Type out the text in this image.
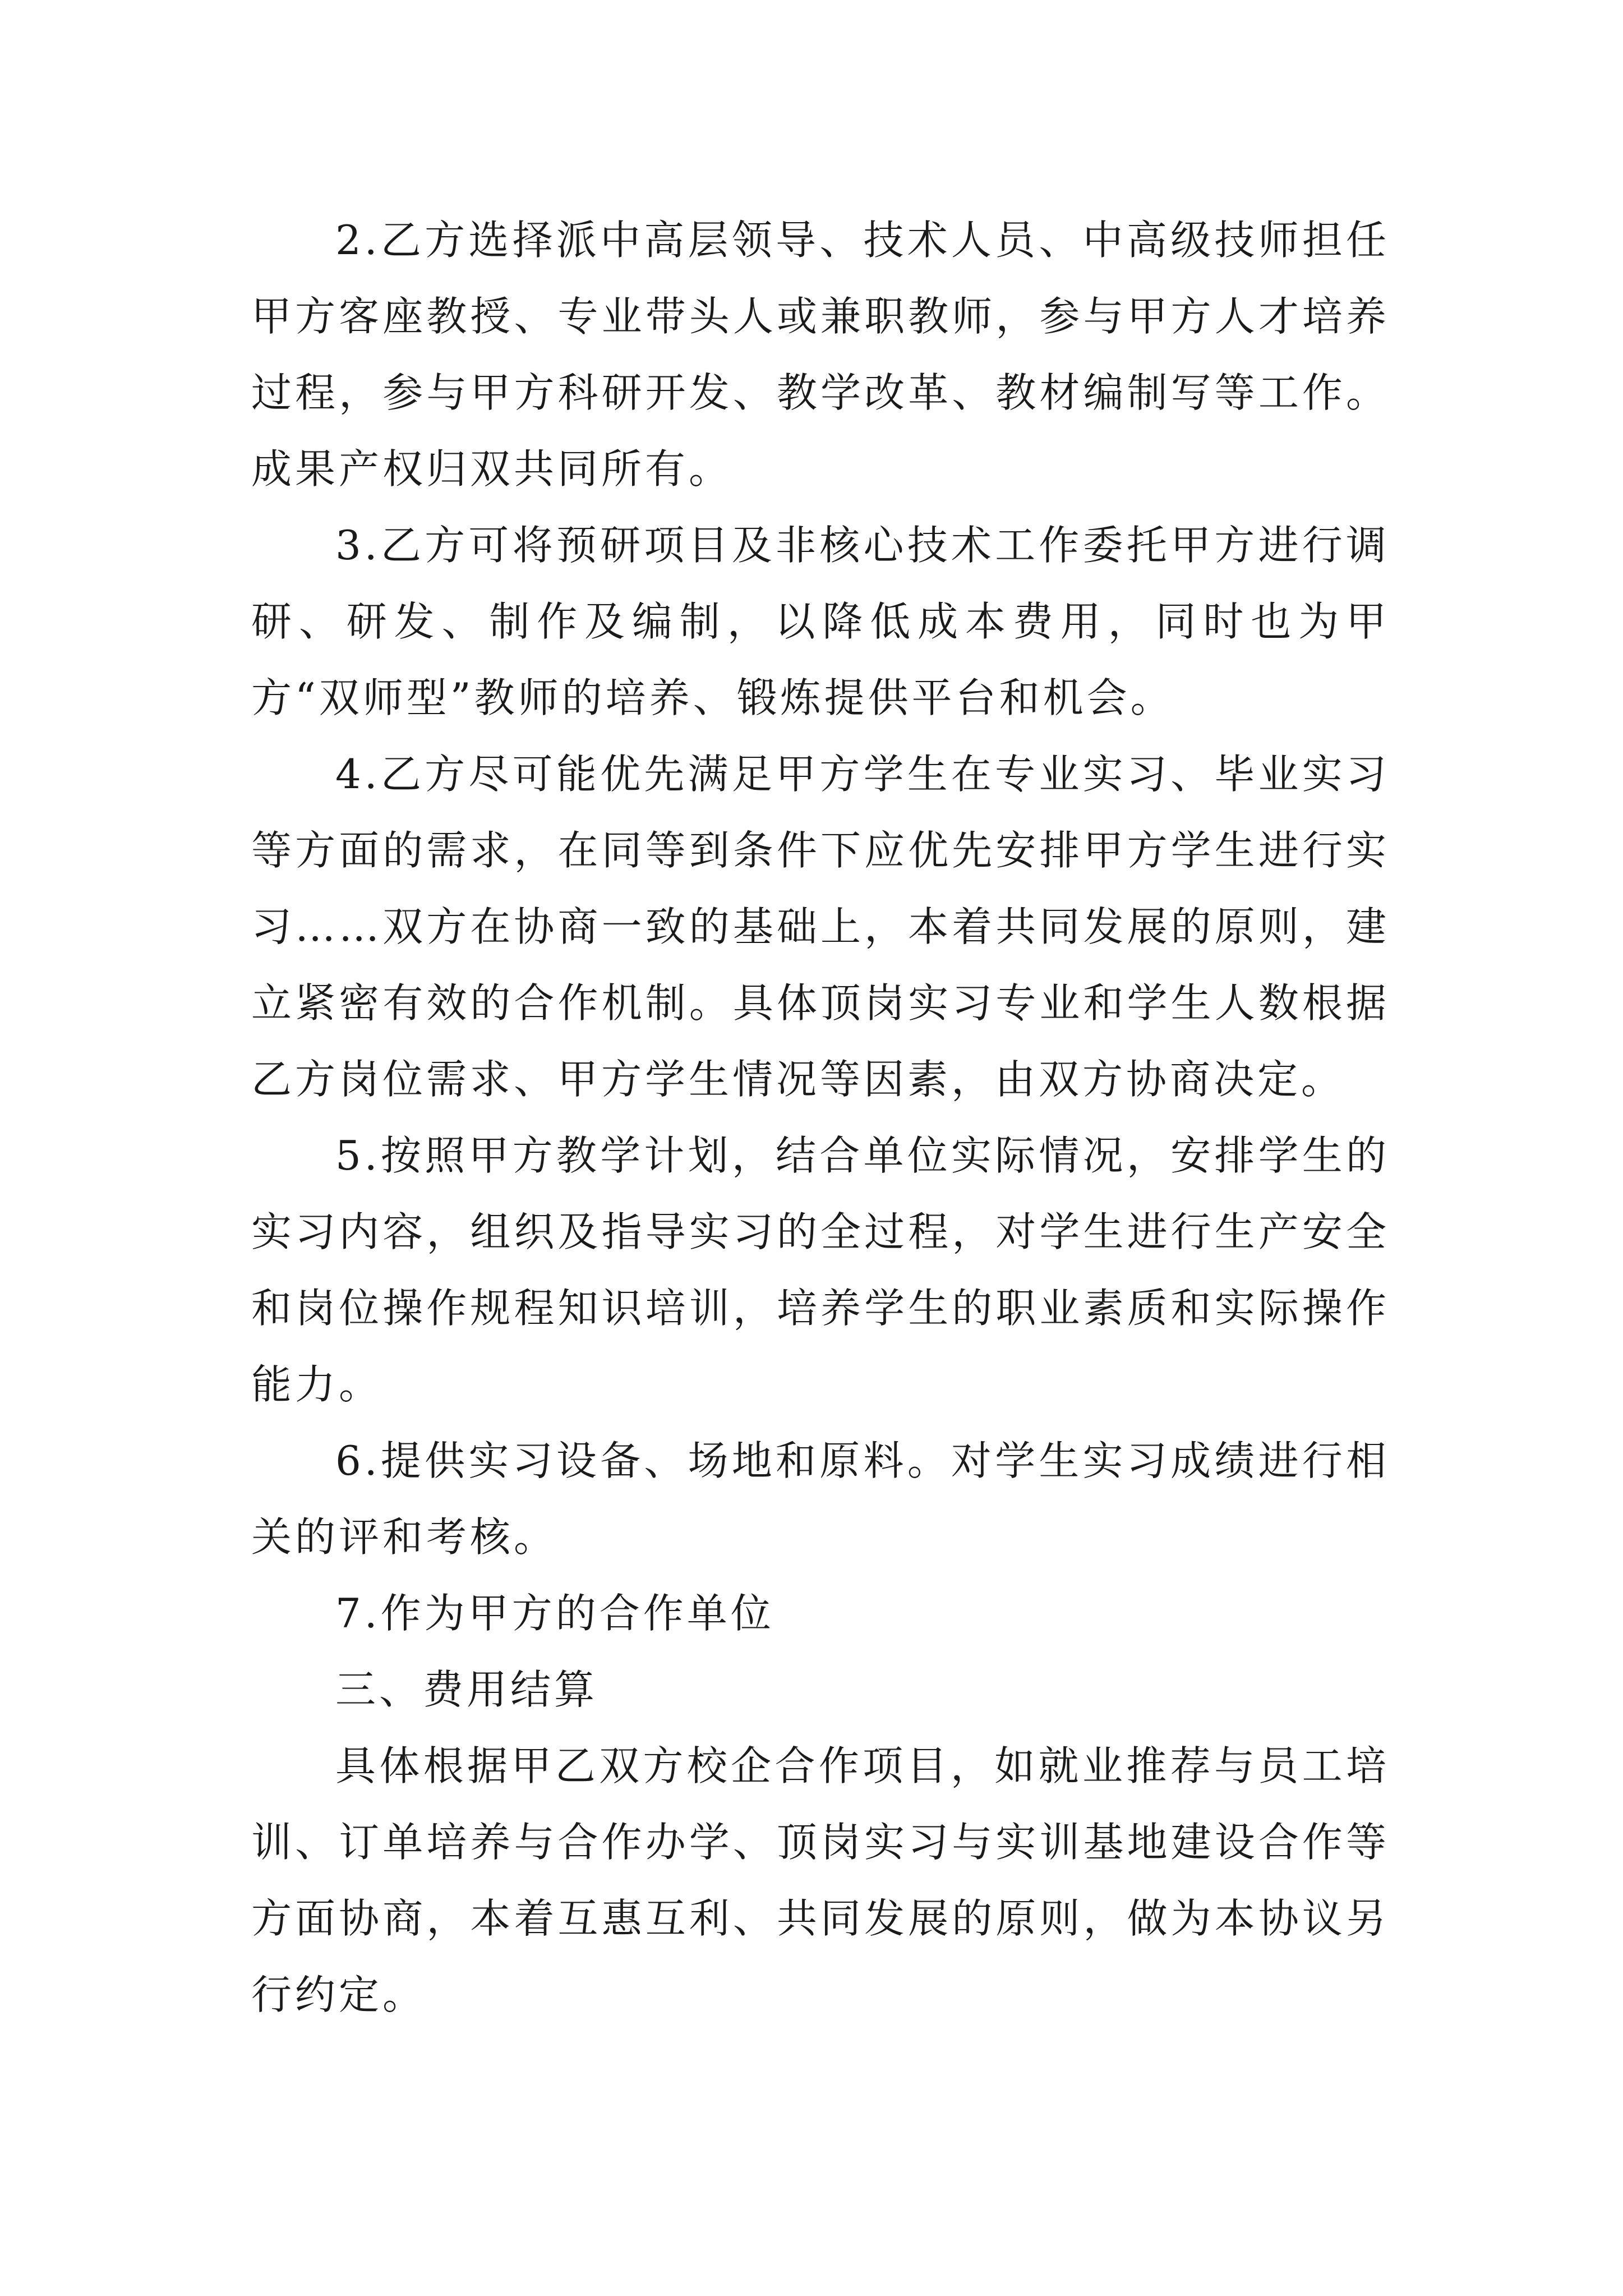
2.乙方选择派中高层领导、技术人员、中高级技师担任甲方客座教授、专业带头人或兼职教师，参与甲方人才培养过程，参与甲方科研开发、教学改革、教材编制写等工作。成果产权归双共同所有。

3.乙方可将预研项目及非核心技术工作委托甲方进行调研、研发、制作及编制，以降低成本费用，同时也为甲方“双师型”教师的培养、锻炼提供平台和机会。

4.乙方尽可能优先满足甲方学生在专业实习、毕业实习等方面的需求，在同等到条件下应优先安排甲方学生进行实习……双方在协商一致的基础上，本着共同发展的原则，建立紧密有效的合作机制。具体顶岗实习专业和学生人数根据乙方岗位需求、甲方学生情况等因素，由双方协商决定。

5.按照甲方教学计划，结合单位实际情况，安排学生的实习内容，组织及指导实习的全过程，对学生进行生产安全和岗位操作规程知识培训，培养学生的职业素质和实际操作能力。

6.提供实习设备、场地和原料。对学生实习成绩进行相关的评和考核。

7.作为甲方的合作单位

三、费用结算

具体根据甲乙双方校企合作项目，如就业推荐与员工培训、订单培养与合作办学、顶岗实习与实训基地建设合作等方面协商，本着互惠互利、共同发展的原则，做为本协议另行约定。
